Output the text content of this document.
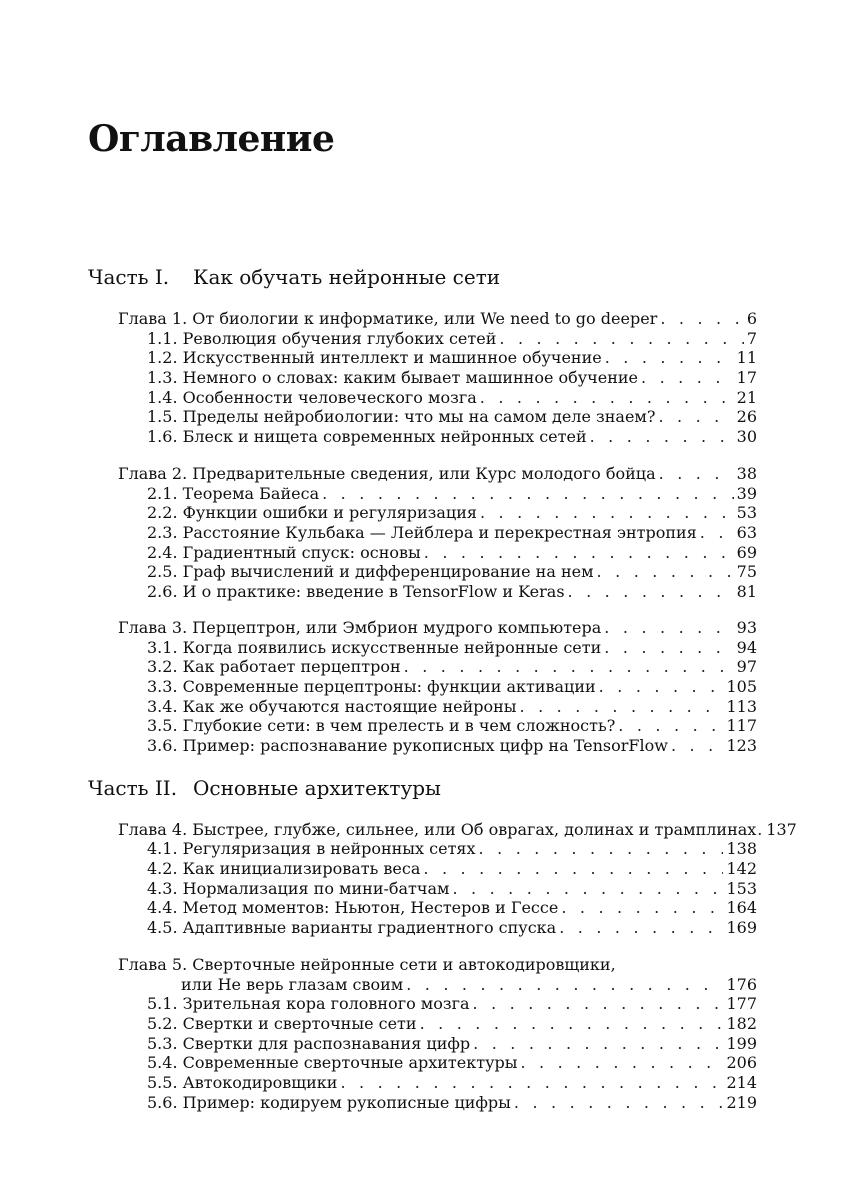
Оглавление
Часть I. Как обучать нейронные сети
Глава 1. От биологии к информатике, или We need to go deeper . . .	6
1.1. Революция обучения глубоких сетей . . .	7
1.2. Искусственный интеллект и машинное обучение . . .	11
1.3. Немного о словах: каким бывает машинное обучение . . .	17
1.4. Особенности человеческого мозга . . .	21
1.5. Пределы нейробиологии: что мы на самом деле знаем? . . .	26
1.6. Блеск и нищета современных нейронных сетей . . .	30
Глава 2. Предварительные сведения, или Курс молодого бойца . . .	38
2.1. Теорема Байеса . . .	39
2.2. Функции ошибки и регуляризация . . .	53
2.3. Расстояние Кульбака — Лейблера и перекрестная энтропия . . . 63
2.4. Градиентный спуск: основы . . .	69
2.5. Граф вычислений и дифференцирование на нем . . .	75
2.6. И о практике: введение в TensorFlow и Keras . . .	81
Глава 3. Перцептрон, или Эмбрион мудрого компьютера . . .	93
3.1. Когда появились искусственные нейронные сети . . .	94
3.2. Как работает перцептрон . . .	97
3.3. Современные перцептроны: функции активации . . .	105
3.4. Как же обучаются настоящие нейроны . . .	113
3.5. Глубокие сети: в чем прелесть и в чем сложность? . . .	117
3.6. Пример: распознавание рукописных цифр на TensorFlow . . .	123
Часть II. Основные архитектуры
Глава 4. Быстрее, глубже, сильнее, или Об оврагах, долинах и трамплинах . . . 137
4.1. Регуляризация в нейронных сетях . . .	138
4.2. Как инициализировать веса . . .	142
4.3. Нормализация по мини-батчам . . .	153
4.4. Метод моментов: Ньютон, Нестеров и Гессе . . .	164
4.5. Адаптивные варианты градиентного спуска . . .	169
Глава 5. Сверточные нейронные сети и автокодировщики,
или Не верь глазам своим . . .	176
5.1. Зрительная кора головного мозга . . .	177
5.2. Свертки и сверточные сети . . .	182
5.3. Свертки для распознавания цифр . . .	199
5.4. Современные сверточные архитектуры . . .	206
5.5. Автокодировщики . . .	214
5.6. Пример: кодируем рукописные цифры . . .	219
